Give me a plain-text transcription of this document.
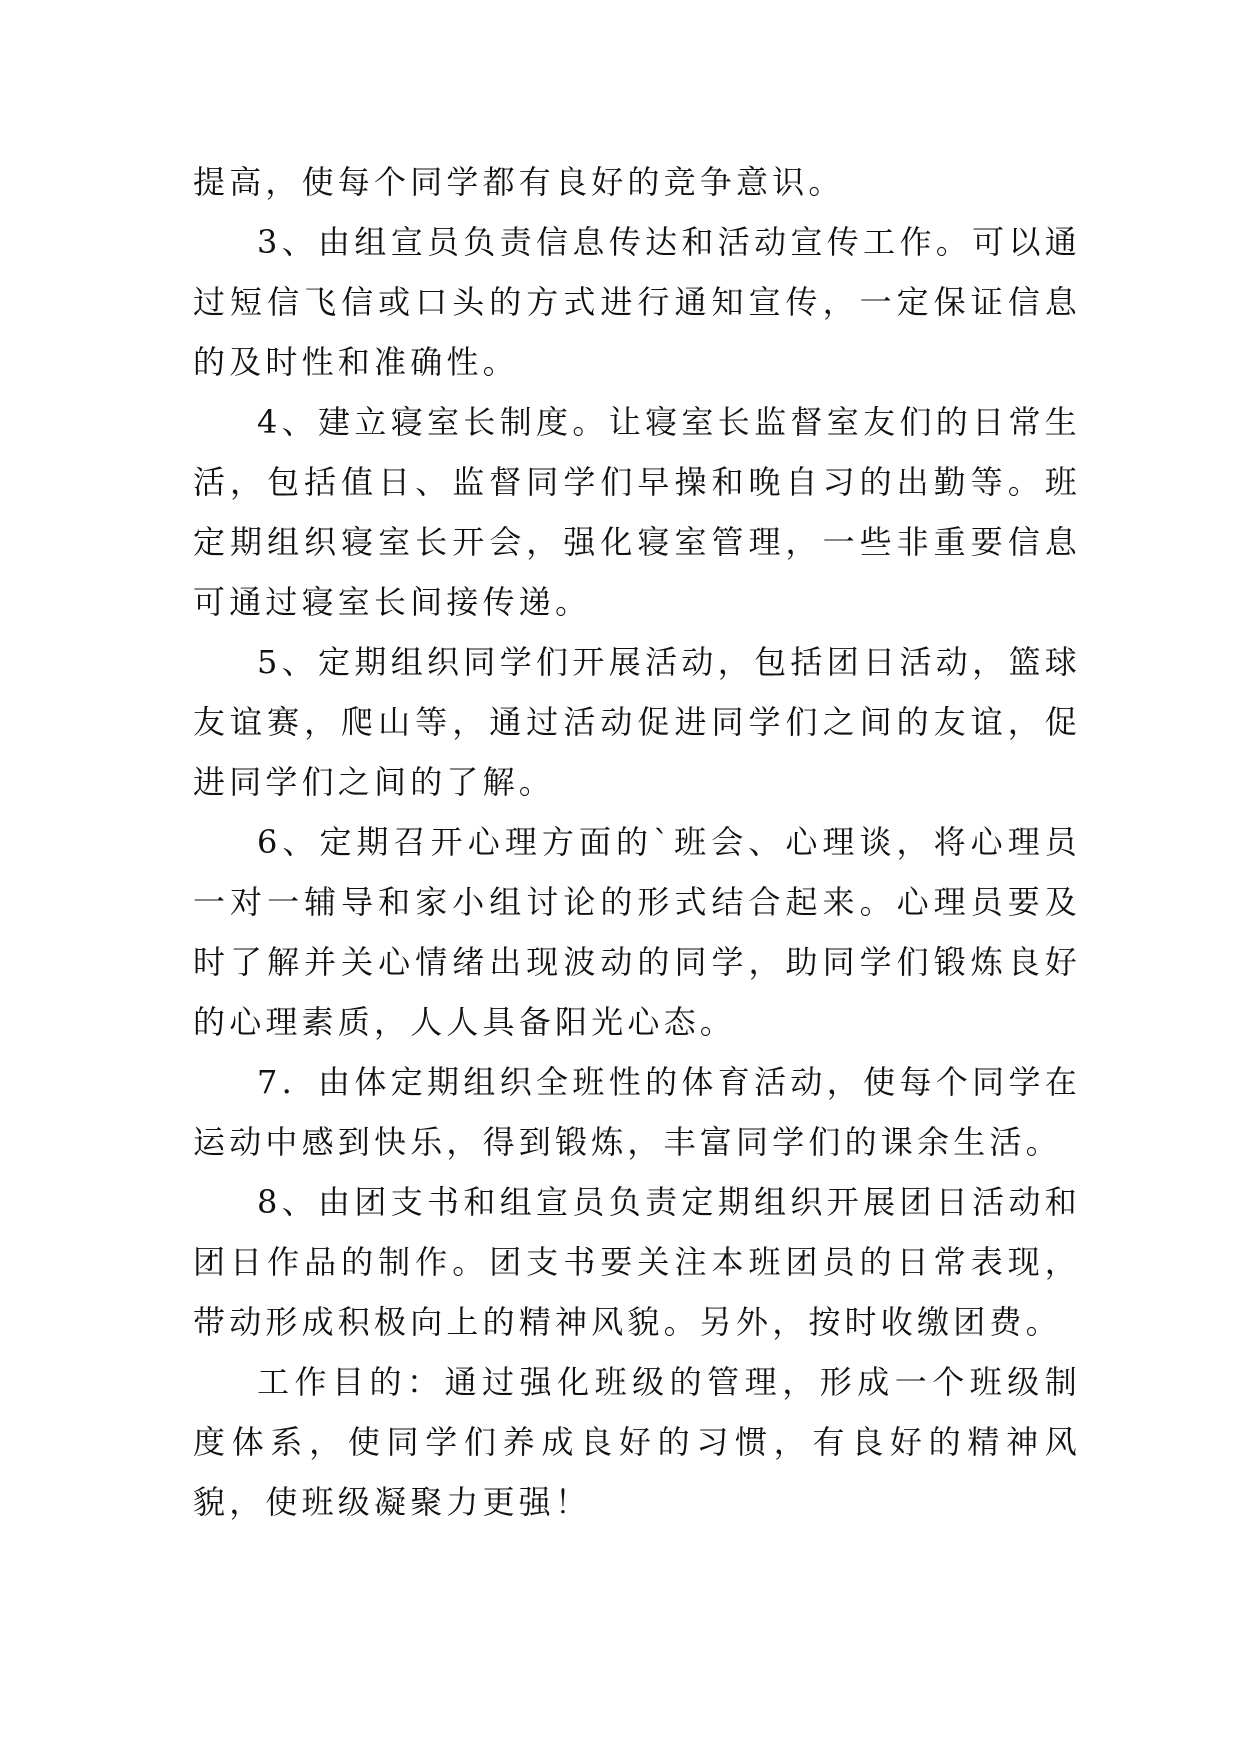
提高，使每个同学都有良好的竞争意识。

3、由组宣员负责信息传达和活动宣传工作。可以通过短信飞信或口头的方式进行通知宣传，一定保证信息的及时性和准确性。

4、建立寝室长制度。让寝室长监督室友们的日常生活，包括值日、监督同学们早操和晚自习的出勤等。班定期组织寝室长开会，强化寝室管理，一些非重要信息可通过寝室长间接传递。

5、定期组织同学们开展活动，包括团日活动，篮球友谊赛，爬山等，通过活动促进同学们之间的友谊，促进同学们之间的了解。

6、定期召开心理方面的`班会、心理谈，将心理员一对一辅导和家小组讨论的形式结合起来。心理员要及时了解并关心情绪出现波动的同学，助同学们锻炼良好的心理素质，人人具备阳光心态。

7．由体定期组织全班性的体育活动，使每个同学在运动中感到快乐，得到锻炼，丰富同学们的课余生活。

8、由团支书和组宣员负责定期组织开展团日活动和团日作品的制作。团支书要关注本班团员的日常表现，带动形成积极向上的精神风貌。另外，按时收缴团费。

工作目的：通过强化班级的管理，形成一个班级制度体系，使同学们养成良好的习惯，有良好的精神风貌，使班级凝聚力更强！
